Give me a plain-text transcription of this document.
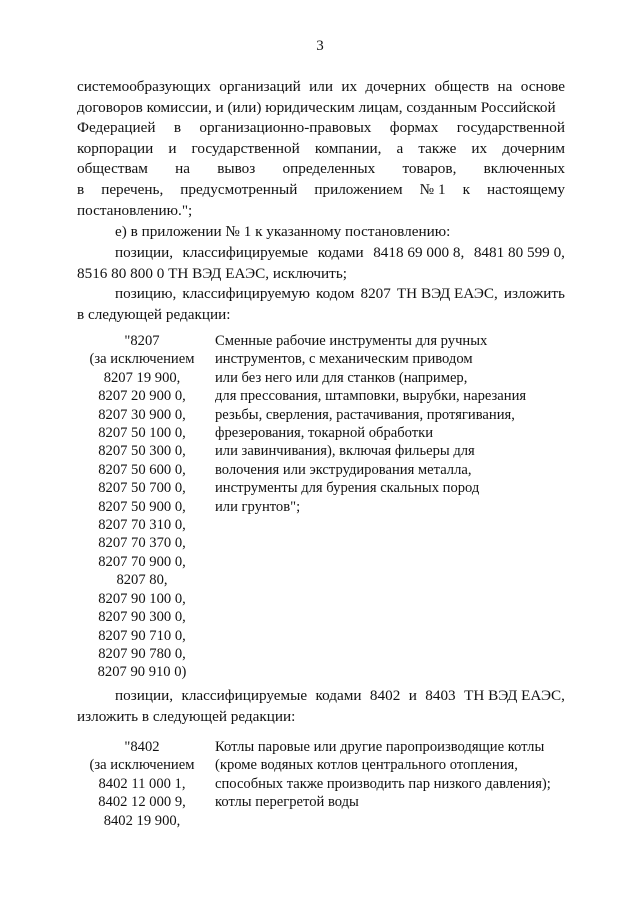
3
системообразующих организаций или их дочерних обществ на основе
договоров комиссии, и (или) юридическим лицам, созданным Российской
Федерацией в организационно-правовых формах государственной
корпорации и государственной компании, а также их дочерним
обществам на вывоз определенных товаров, включенных
в перечень, предусмотренный приложением № 1 к настоящему
постановлению.";
е) в приложении № 1 к указанному постановлению:
позиции, классифицируемые кодами 8418 69 000 8, 8481 80 599 0,
8516 80 800 0 ТН ВЭД ЕАЭС, исключить;
позицию, классифицируемую кодом 8207 ТН ВЭД ЕАЭС, изложить
в следующей редакции:
"8207
(за исключением
8207 19 900,
8207 20 900 0,
8207 30 900 0,
8207 50 100 0,
8207 50 300 0,
8207 50 600 0,
8207 50 700 0,
8207 50 900 0,
8207 70 310 0,
8207 70 370 0,
8207 70 900 0,
8207 80,
8207 90 100 0,
8207 90 300 0,
8207 90 710 0,
8207 90 780 0,
8207 90 910 0)
Сменные рабочие инструменты для ручных
инструментов, с механическим приводом
или без него или для станков (например,
для прессования, штамповки, вырубки, нарезания
резьбы, сверления, растачивания, протягивания,
фрезерования, токарной обработки
или завинчивания), включая фильеры для
волочения или экструдирования металла,
инструменты для бурения скальных пород
или грунтов";
позиции, классифицируемые кодами 8402 и 8403 ТН ВЭД ЕАЭС,
изложить в следующей редакции:
"8402
(за исключением
8402 11 000 1,
8402 12 000 9,
8402 19 900,
Котлы паровые или другие паропроизводящие котлы
(кроме водяных котлов центрального отопления,
способных также производить пар низкого давления);
котлы перегретой воды
